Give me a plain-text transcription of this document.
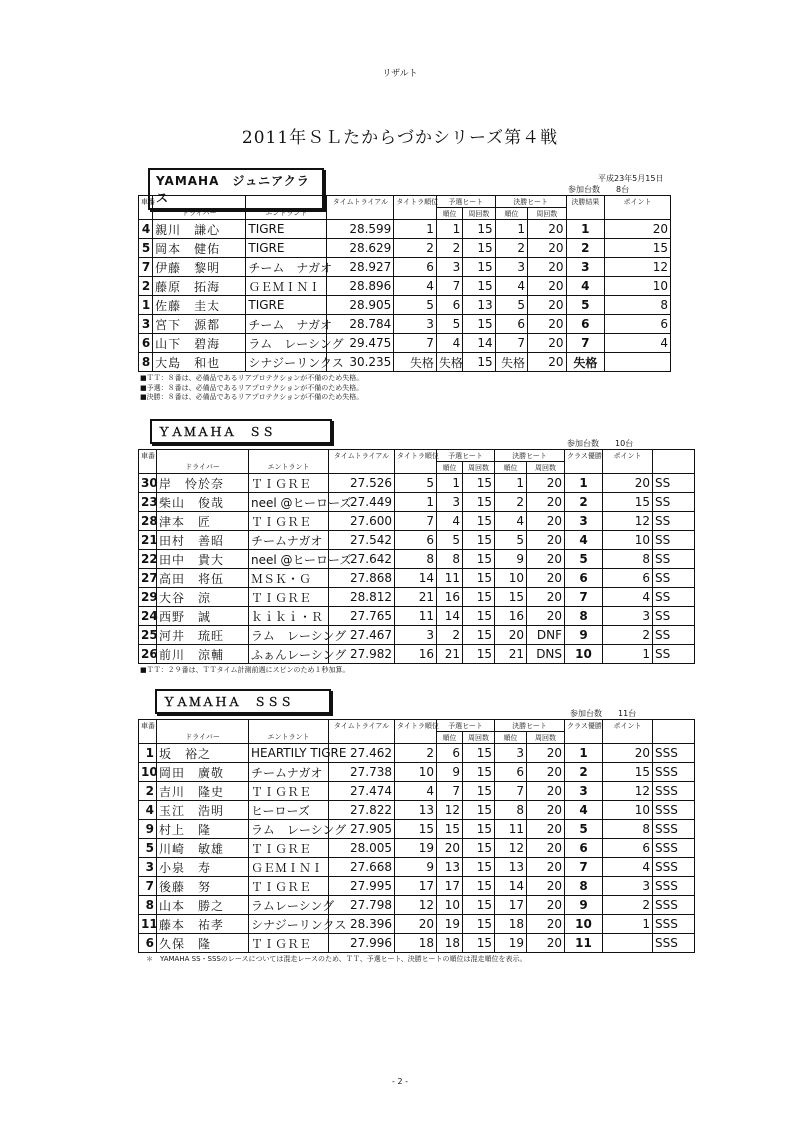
リザルト
2011年ＳＬたからづかシリーズ第４戦
YAMAHA　ジュニアクラス
平成23年5月15日
参加台数　　8台
車番			タイムトライアル	タイトラ順位	予選ヒート		決勝ヒート		決勝結果	ポイント
	ドライバー	エントラント			順位	周回数	順位	周回数		
4	親川　謙心	TIGRE	28.599	1	1	15	1	20	1	20
5	岡本　健佑	TIGRE	28.629	2	2	15	2	20	2	15
7	伊藤　黎明	チーム　ナガオ	28.927	6	3	15	3	20	3	12
2	藤原　拓海	ＧＥＭＩＮＩ	28.896	4	7	15	4	20	4	10
1	佐藤　圭太	TIGRE	28.905	5	6	13	5	20	5	8
3	宮下　源都	チーム　ナガオ	28.784	3	5	15	6	20	6	6
6	山下　碧海	ラム　レーシング	29.475	7	4	14	7	20	7	4
8	大島　和也	シナジーリンクス	30.235	失格	失格	15	失格	20	失格	
■ＴＴ：８番は、必備品であるリアプロテクションが不備のため失格。
■予選：８番は、必備品であるリアプロテクションが不備のため失格。
■決勝：８番は、必備品であるリアプロテクションが不備のため失格。
ＹＡＭＡＨＡ　ＳＳ
参加台数　　10台
車番			タイムトライアル	タイトラ順位	予選ヒート		決勝ヒート		クラス優勝	ポイント	
	ドライバー	エントラント			順位	周回数	順位	周回数			
30	岸　怜於奈	ＴＩＧＲＥ	27.526	5	1	15	1	20	1	20	SS
23	柴山　俊哉	neel @ヒーローズ	27.449	1	3	15	2	20	2	15	SS
28	津本　匠	ＴＩＧＲＥ	27.600	7	4	15	4	20	3	12	SS
21	田村　善昭	チームナガオ	27.542	6	5	15	5	20	4	10	SS
22	田中　貴大	neel @ヒーローズ	27.642	8	8	15	9	20	5	8	SS
27	高田　将伍	ＭＳＫ・Ｇ	27.868	14	11	15	10	20	6	6	SS
29	大谷　涼	ＴＩＧＲＥ	28.812	21	16	15	15	20	7	4	SS
24	西野　誠	ｋｉｋｉ・Ｒ	27.765	11	14	15	16	20	8	3	SS
25	河井　琉旺	ラム　レーシング	27.467	3	2	15	20	DNF	9	2	SS
26	前川　涼輔	ふぁんレーシング	27.982	16	21	15	21	DNS	10	1	SS
■ＴＴ：２９番は、ＴＴタイム計測前週にスピンのため１秒加算。
ＹＡＭＡＨＡ　ＳＳＳ
参加台数　　11台
車番			タイムトライアル	タイトラ順位	予選ヒート		決勝ヒート		クラス優勝	ポイント	
	ドライバー	エントラント			順位	周回数	順位	周回数			
1	坂　裕之	HEARTILY TIGRE	27.462	2	6	15	3	20	1	20	SSS
10	岡田　廣敬	チームナガオ	27.738	10	9	15	6	20	2	15	SSS
2	吉川　隆史	ＴＩＧＲＥ	27.474	4	7	15	7	20	3	12	SSS
4	玉江　浩明	ヒーローズ	27.822	13	12	15	8	20	4	10	SSS
9	村上　隆	ラム　レーシング	27.905	15	15	15	11	20	5	8	SSS
5	川崎　敏雄	ＴＩＧＲＥ	28.005	19	20	15	12	20	6	6	SSS
3	小泉　寿	ＧＥＭＩＮＩ	27.668	9	13	15	13	20	7	4	SSS
7	後藤　努	ＴＩＧＲＥ	27.995	17	17	15	14	20	8	3	SSS
8	山本　勝之	ラムレーシング	27.798	12	10	15	17	20	9	2	SSS
11	藤本　祐孝	シナジーリンクス	28.396	20	19	15	18	20	10	1	SSS
6	久保　隆	ＴＩＧＲＥ	27.996	18	18	15	19	20	11		SSS
＊　YAMAHA SS・SSSのレースについては混走レースのため、ＴＴ、予選ヒート、決勝ヒートの順位は混走順位を表示。
- 2 -
